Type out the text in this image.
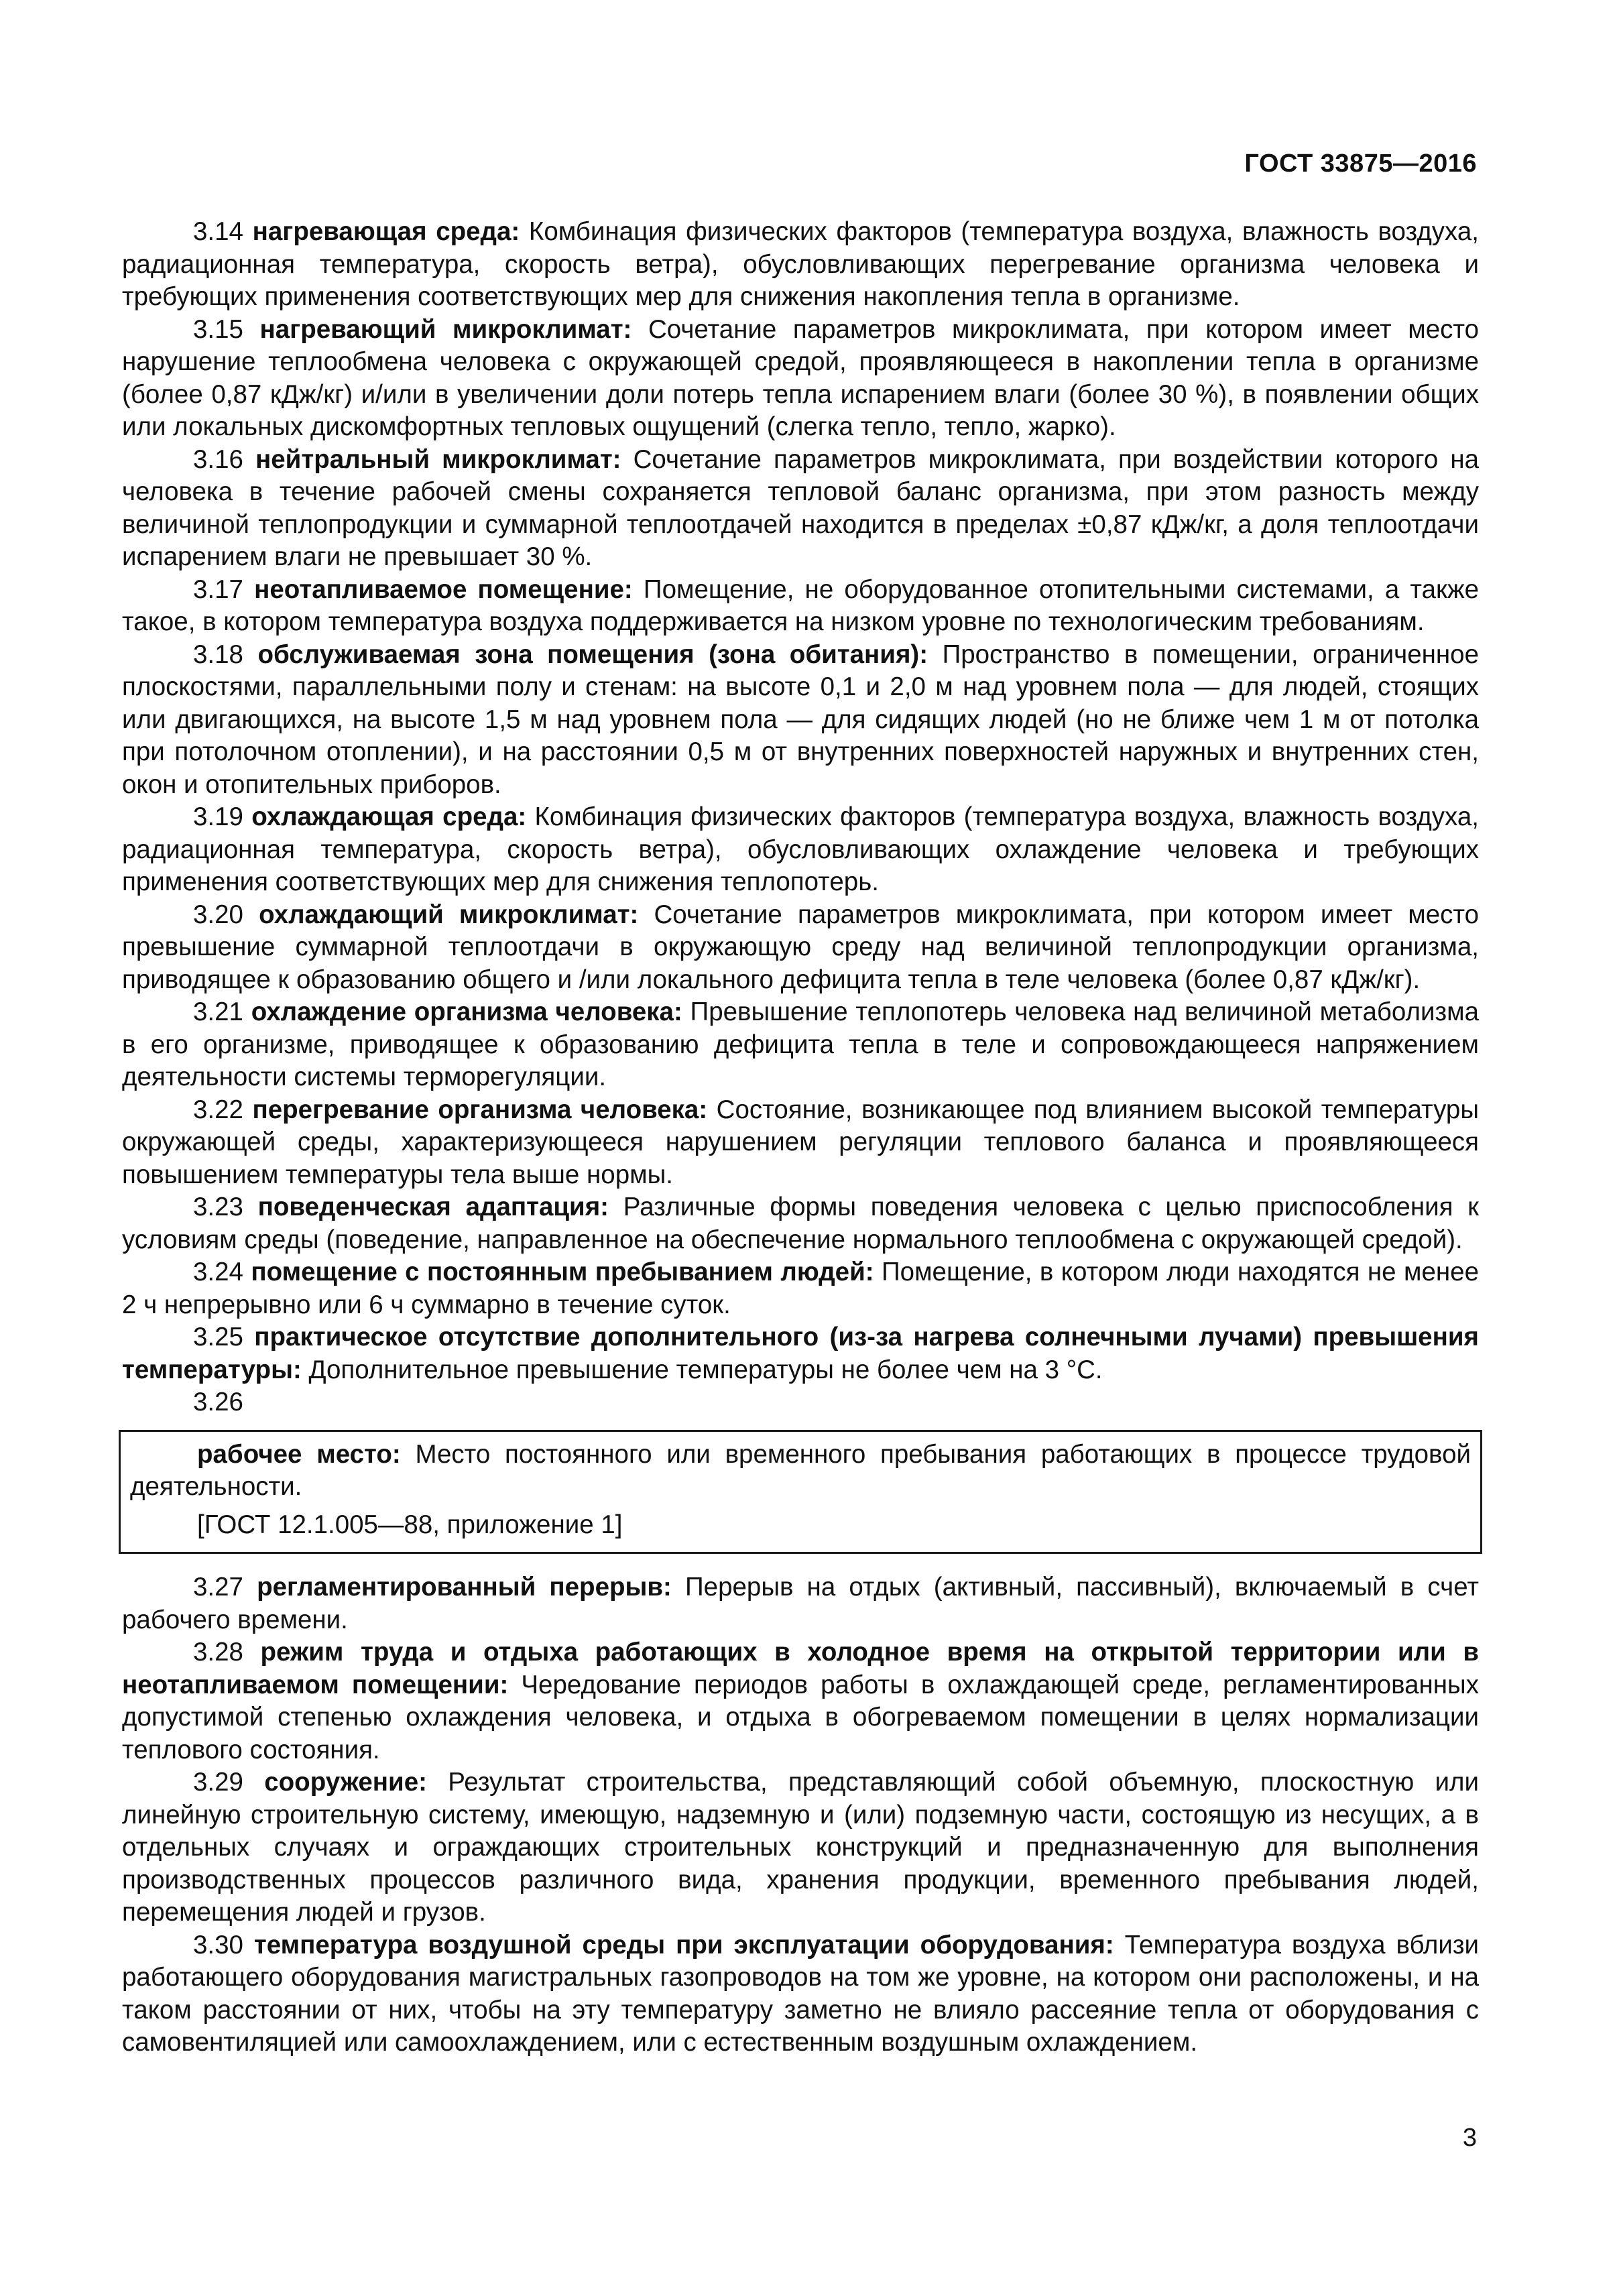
ГОСТ 33875—2016

3.14 нагревающая среда: Комбинация физических факторов (температура воздуха, влажность воздуха, радиационная температура, скорость ветра), обусловливающих перегревание организма человека и требующих применения соответствующих мер для снижения накопления тепла в организме.

3.15 нагревающий микроклимат: Сочетание параметров микроклимата, при котором имеет место нарушение теплообмена человека с окружающей средой, проявляющееся в накоплении тепла в организме (более 0,87 кДж/кг) и/или в увеличении доли потерь тепла испарением влаги (более 30 %), в появлении общих или локальных дискомфортных тепловых ощущений (слегка тепло, тепло, жарко).

3.16 нейтральный микроклимат: Сочетание параметров микроклимата, при воздействии которого на человека в течение рабочей смены сохраняется тепловой баланс организма, при этом разность между величиной теплопродукции и суммарной теплоотдачей находится в пределах ±0,87 кДж/кг, а доля теплоотдачи испарением влаги не превышает 30 %.

3.17 неотапливаемое помещение: Помещение, не оборудованное отопительными системами, а также такое, в котором температура воздуха поддерживается на низком уровне по технологическим требованиям.

3.18 обслуживаемая зона помещения (зона обитания): Пространство в помещении, ограниченное плоскостями, параллельными полу и стенам: на высоте 0,1 и 2,0 м над уровнем пола — для людей, стоящих или двигающихся, на высоте 1,5 м над уровнем пола — для сидящих людей (но не ближе чем 1 м от потолка при потолочном отоплении), и на расстоянии 0,5 м от внутренних поверхностей наружных и внутренних стен, окон и отопительных приборов.

3.19 охлаждающая среда: Комбинация физических факторов (температура воздуха, влажность воздуха, радиационная температура, скорость ветра), обусловливающих охлаждение человека и требующих применения соответствующих мер для снижения теплопотерь.

3.20 охлаждающий микроклимат: Сочетание параметров микроклимата, при котором имеет место превышение суммарной теплоотдачи в окружающую среду над величиной теплопродукции организма, приводящее к образованию общего и /или локального дефицита тепла в теле человека (более 0,87 кДж/кг).

3.21 охлаждение организма человека: Превышение теплопотерь человека над величиной метаболизма в его организме, приводящее к образованию дефицита тепла в теле и сопровождающееся напряжением деятельности системы терморегуляции.

3.22 перегревание организма человека: Состояние, возникающее под влиянием высокой температуры окружающей среды, характеризующееся нарушением регуляции теплового баланса и проявляющееся повышением температуры тела выше нормы.

3.23 поведенческая адаптация: Различные формы поведения человека с целью приспособления к условиям среды (поведение, направленное на обеспечение нормального теплообмена с окружающей средой).

3.24 помещение с постоянным пребыванием людей: Помещение, в котором люди находятся не менее 2 ч непрерывно или 6 ч суммарно в течение суток.

3.25 практическое отсутствие дополнительного (из-за нагрева солнечными лучами) превышения температуры: Дополнительное превышение температуры не более чем на 3 °С.

3.26

рабочее место: Место постоянного или временного пребывания работающих в процессе трудовой деятельности.

[ГОСТ 12.1.005—88, приложение 1]

3.27 регламентированный перерыв: Перерыв на отдых (активный, пассивный), включаемый в счет рабочего времени.

3.28 режим труда и отдыха работающих в холодное время на открытой территории или в неотапливаемом помещении: Чередование периодов работы в охлаждающей среде, регламентированных допустимой степенью охлаждения человека, и отдыха в обогреваемом помещении в целях нормализации теплового состояния.

3.29 сооружение: Результат строительства, представляющий собой объемную, плоскостную или линейную строительную систему, имеющую, надземную и (или) подземную части, состоящую из несущих, а в отдельных случаях и ограждающих строительных конструкций и предназначенную для выполнения производственных процессов различного вида, хранения продукции, временного пребывания людей, перемещения людей и грузов.

3.30 температура воздушной среды при эксплуатации оборудования: Температура воздуха вблизи работающего оборудования магистральных газопроводов на том же уровне, на котором они расположены, и на таком расстоянии от них, чтобы на эту температуру заметно не влияло рассеяние тепла от оборудования с самовентиляцией или самоохлаждением, или с естественным воздушным охлаждением.

3
